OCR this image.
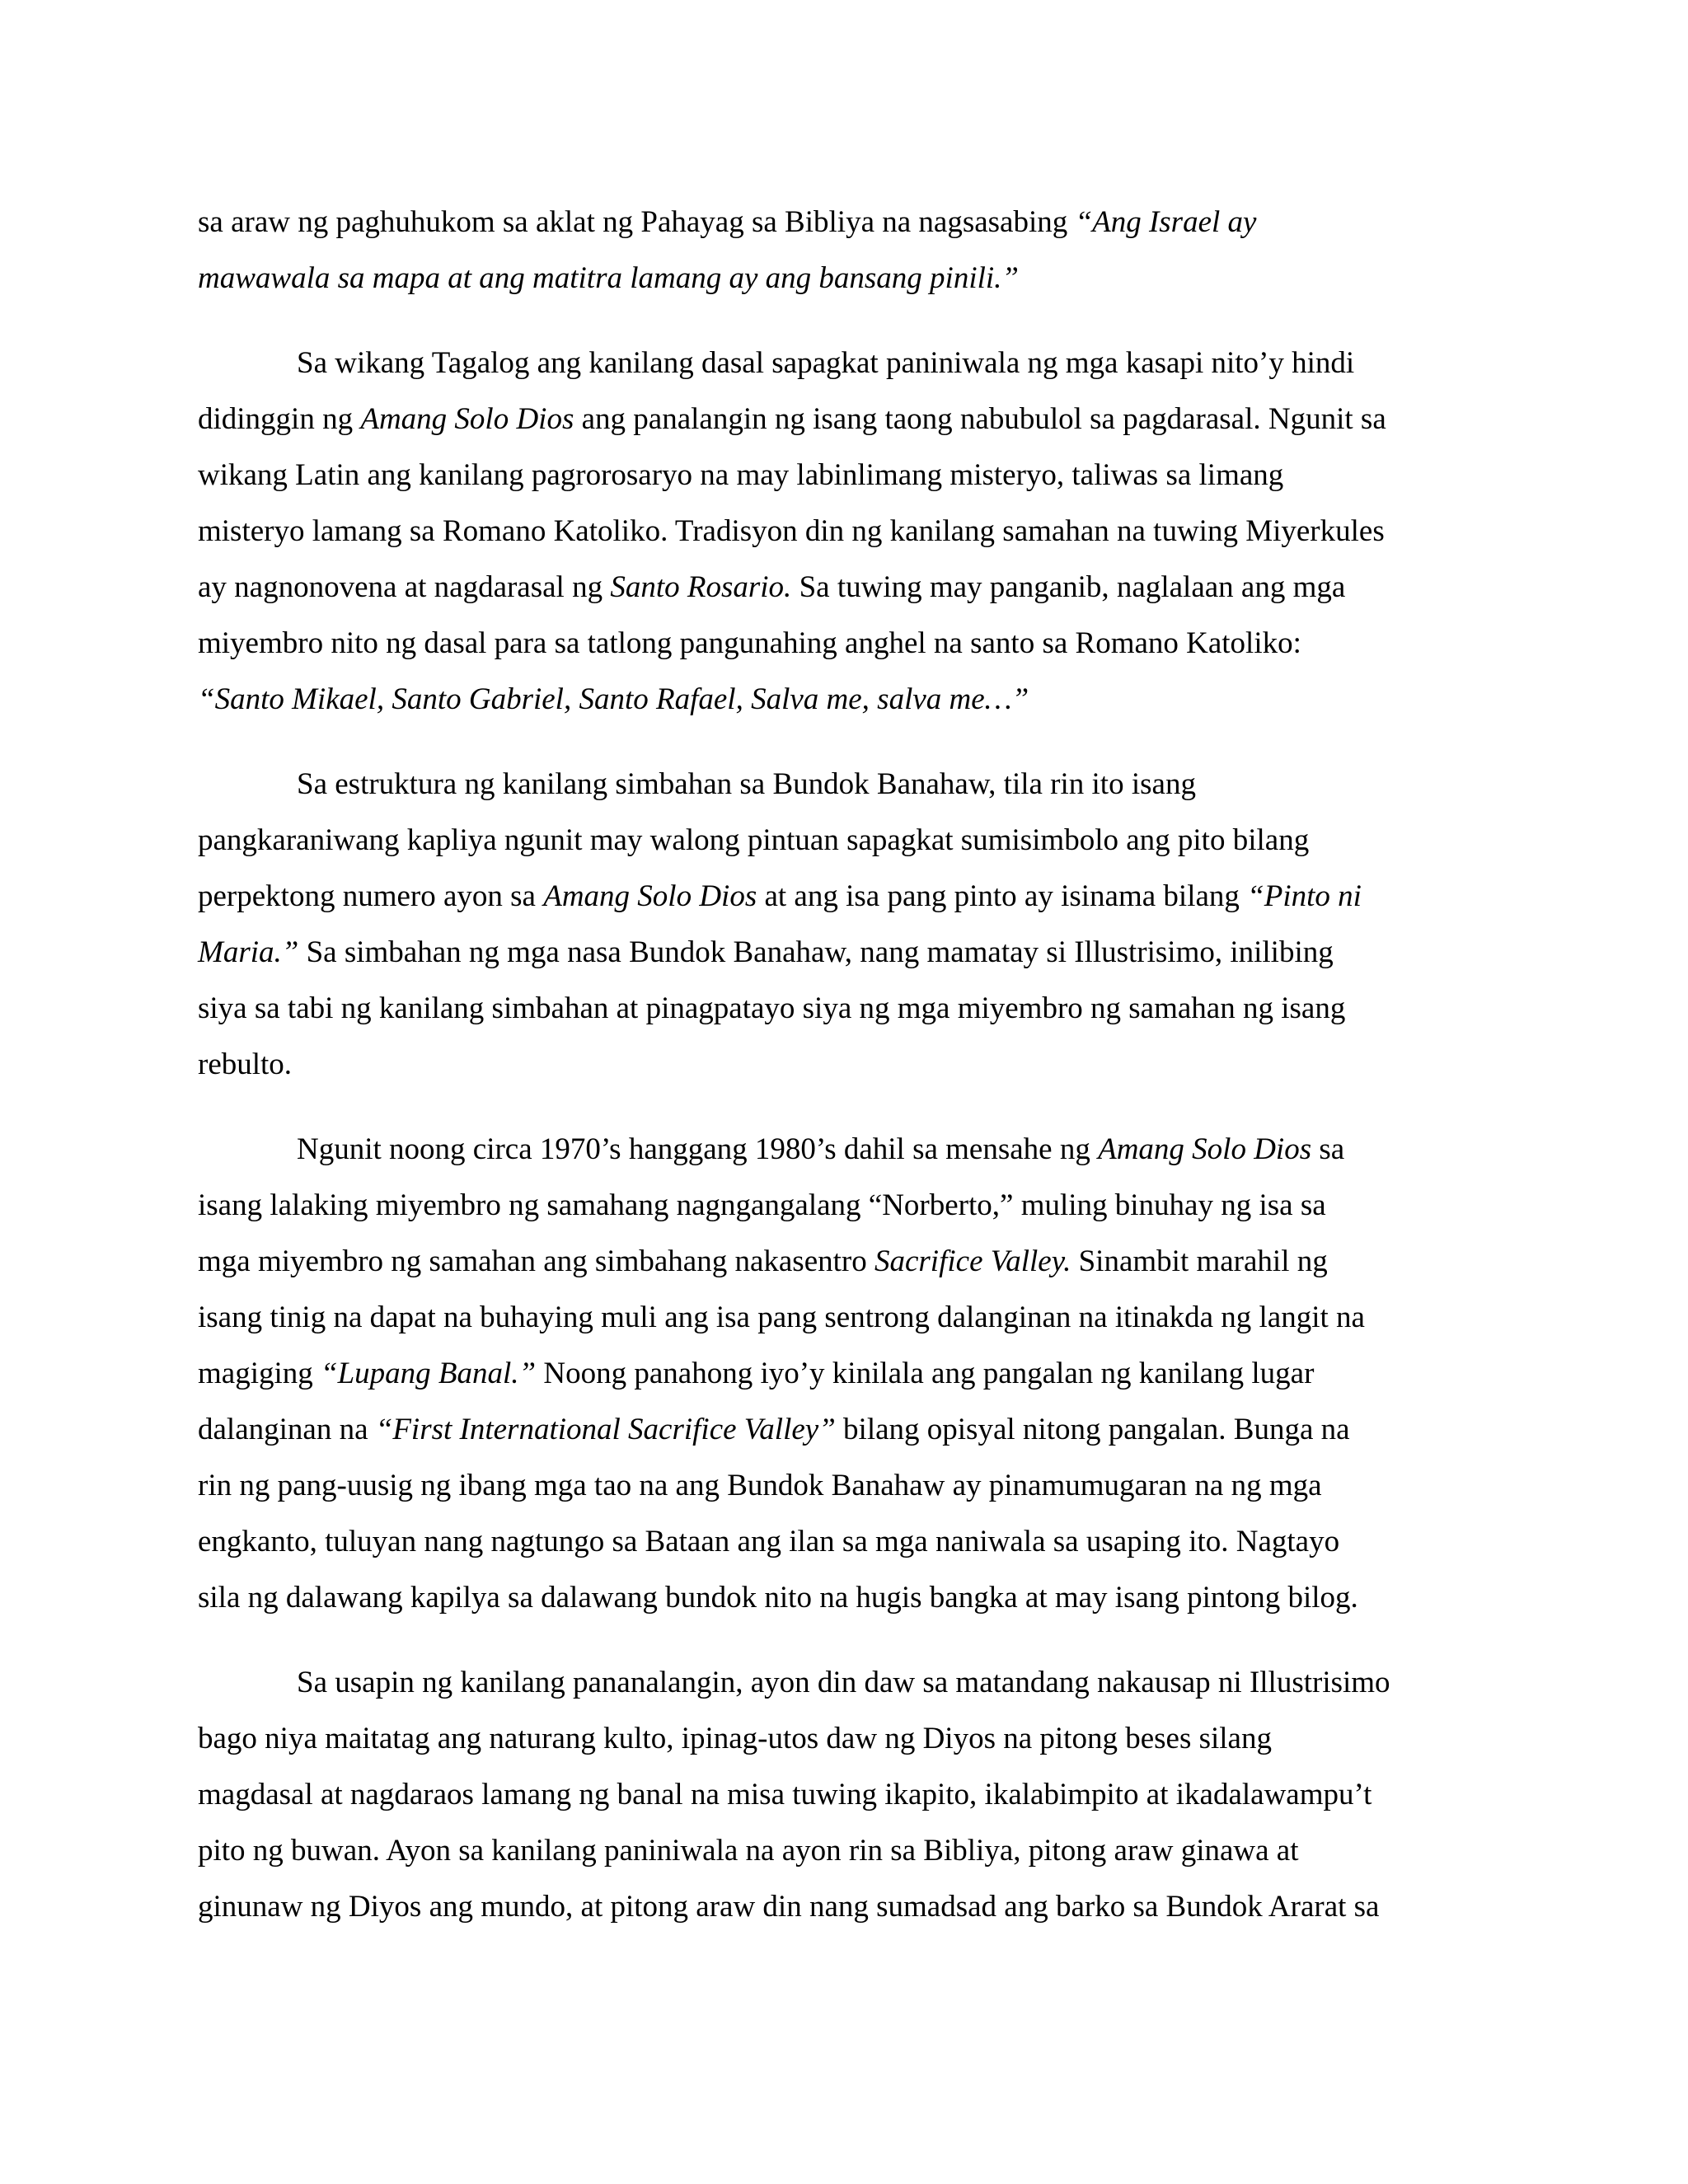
sa araw ng paghuhukom sa aklat ng Pahayag sa Bibliya na nagsasabing “Ang Israel ay
mawawala sa mapa at ang matitra lamang ay ang bansang pinili.”
Sa wikang Tagalog ang kanilang dasal sapagkat paniniwala ng mga kasapi nito’y hindi
didinggin ng Amang Solo Dios ang panalangin ng isang taong nabubulol sa pagdarasal. Ngunit sa
wikang Latin ang kanilang pagrorosaryo na may labinlimang misteryo, taliwas sa limang
misteryo lamang sa Romano Katoliko. Tradisyon din ng kanilang samahan na tuwing Miyerkules
ay nagnonovena at nagdarasal ng Santo Rosario. Sa tuwing may panganib, naglalaan ang mga
miyembro nito ng dasal para sa tatlong pangunahing anghel na santo sa Romano Katoliko:
“Santo Mikael, Santo Gabriel, Santo Rafael, Salva me, salva me…”
Sa estruktura ng kanilang simbahan sa Bundok Banahaw, tila rin ito isang
pangkaraniwang kapliya ngunit may walong pintuan sapagkat sumisimbolo ang pito bilang
perpektong numero ayon sa Amang Solo Dios at ang isa pang pinto ay isinama bilang “Pinto ni
Maria.” Sa simbahan ng mga nasa Bundok Banahaw, nang mamatay si Illustrisimo, inilibing
siya sa tabi ng kanilang simbahan at pinagpatayo siya ng mga miyembro ng samahan ng isang
rebulto.
Ngunit noong circa 1970’s hanggang 1980’s dahil sa mensahe ng Amang Solo Dios sa
isang lalaking miyembro ng samahang nagngangalang “Norberto,” muling binuhay ng isa sa
mga miyembro ng samahan ang simbahang nakasentro Sacrifice Valley. Sinambit marahil ng
isang tinig na dapat na buhaying muli ang isa pang sentrong dalanginan na itinakda ng langit na
magiging “Lupang Banal.” Noong panahong iyo’y kinilala ang pangalan ng kanilang lugar
dalanginan na “First International Sacrifice Valley” bilang opisyal nitong pangalan. Bunga na
rin ng pang-uusig ng ibang mga tao na ang Bundok Banahaw ay pinamumugaran na ng mga
engkanto, tuluyan nang nagtungo sa Bataan ang ilan sa mga naniwala sa usaping ito. Nagtayo
sila ng dalawang kapilya sa dalawang bundok nito na hugis bangka at may isang pintong bilog.
Sa usapin ng kanilang pananalangin, ayon din daw sa matandang nakausap ni Illustrisimo
bago niya maitatag ang naturang kulto, ipinag-utos daw ng Diyos na pitong beses silang
magdasal at nagdaraos lamang ng banal na misa tuwing ikapito, ikalabimpito at ikadalawampu’t
pito ng buwan. Ayon sa kanilang paniniwala na ayon rin sa Bibliya, pitong araw ginawa at
ginunaw ng Diyos ang mundo, at pitong araw din nang sumadsad ang barko sa Bundok Ararat sa
